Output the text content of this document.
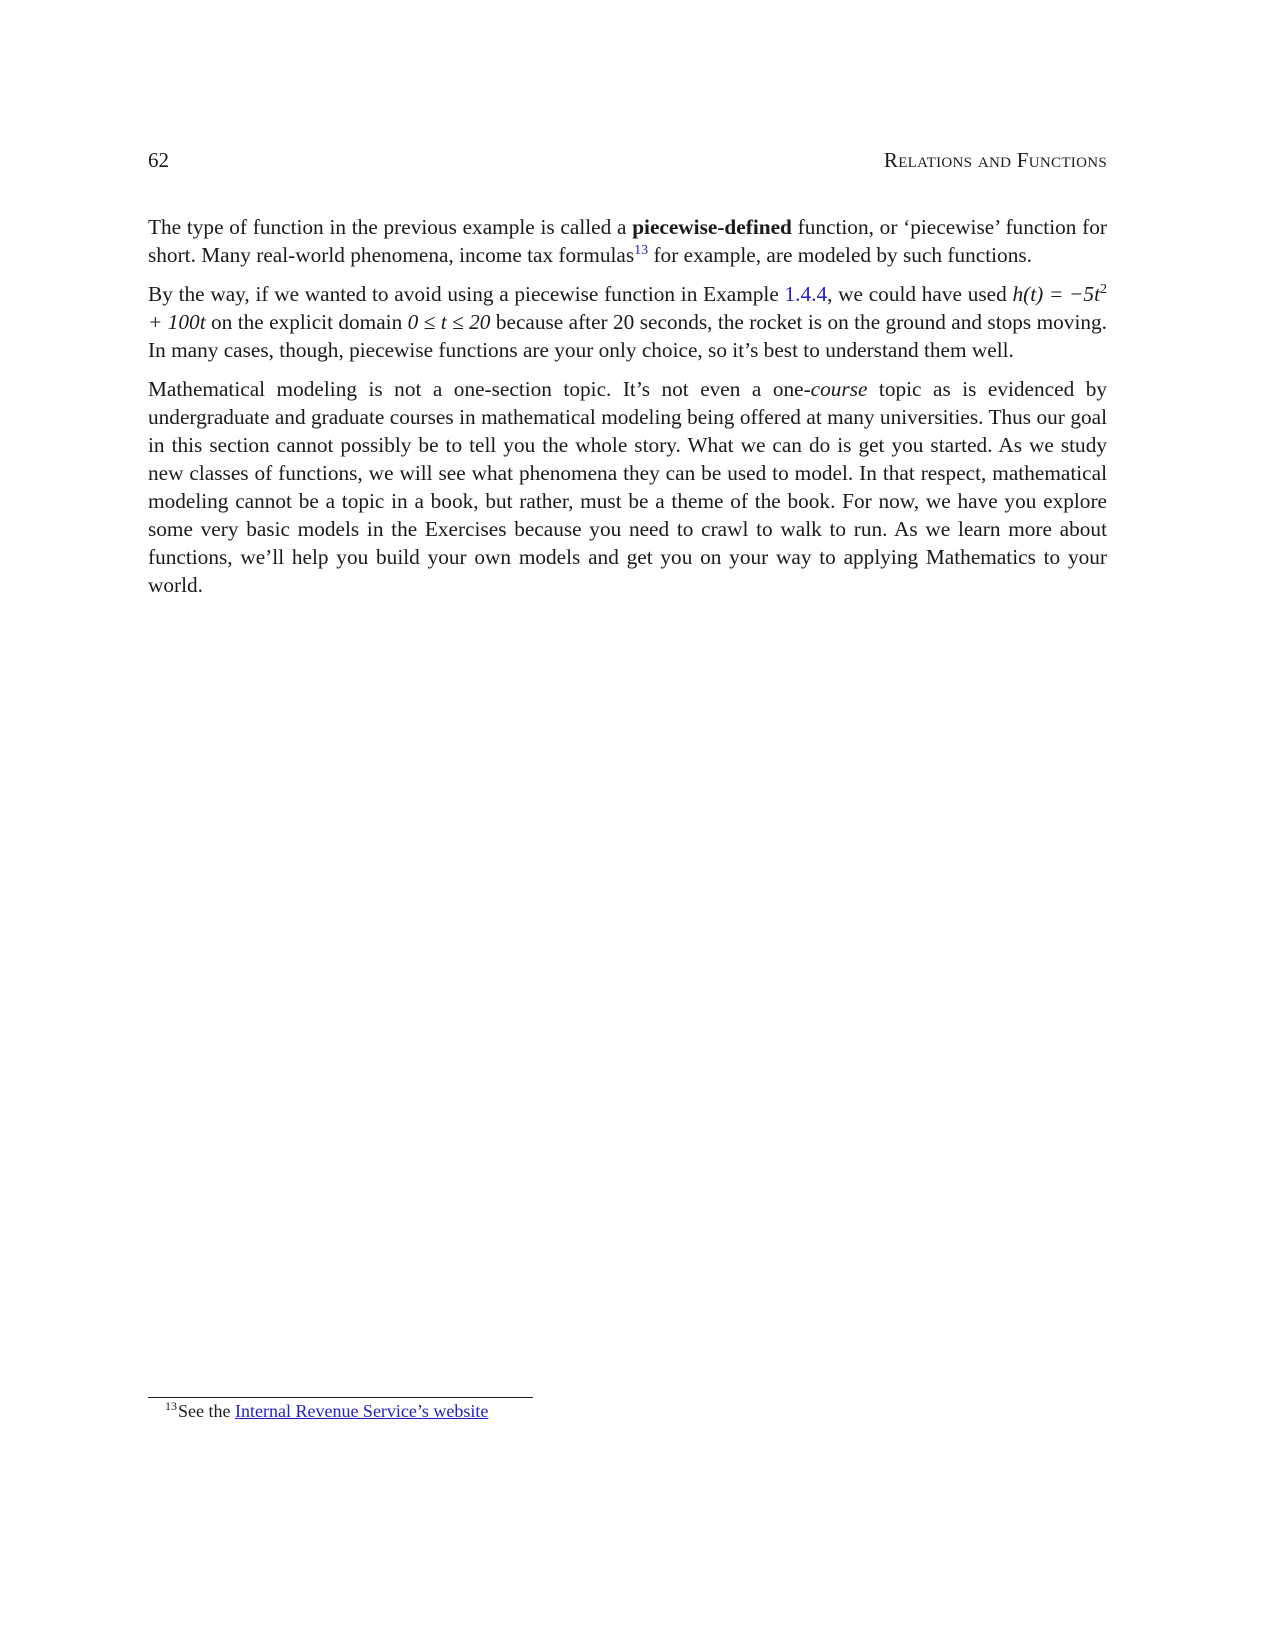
62	Relations and Functions

The type of function in the previous example is called a piecewise-defined function, or ‘piecewise’ function for short. Many real-world phenomena, income tax formulas$^{13}$ for example, are modeled by such functions.

By the way, if we wanted to avoid using a piecewise function in Example 1.4.4, we could have used $h(t) = -5t^2 + 100t$ on the explicit domain 0 ≤ t ≤ 20 because after 20 seconds, the rocket is on the ground and stops moving. In many cases, though, piecewise functions are your only choice, so it’s best to understand them well.

Mathematical modeling is not a one-section topic. It’s not even a one-course topic as is evidenced by undergraduate and graduate courses in mathematical modeling being offered at many universities. Thus our goal in this section cannot possibly be to tell you the whole story. What we can do is get you started. As we study new classes of functions, we will see what phenomena they can be used to model. In that respect, mathematical modeling cannot be a topic in a book, but rather, must be a theme of the book. For now, we have you explore some very basic models in the Exercises because you need to crawl to walk to run. As we learn more about functions, we’ll help you build your own models and get you on your way to applying Mathematics to your world.

$^{13}$See the Internal Revenue Service’s website
